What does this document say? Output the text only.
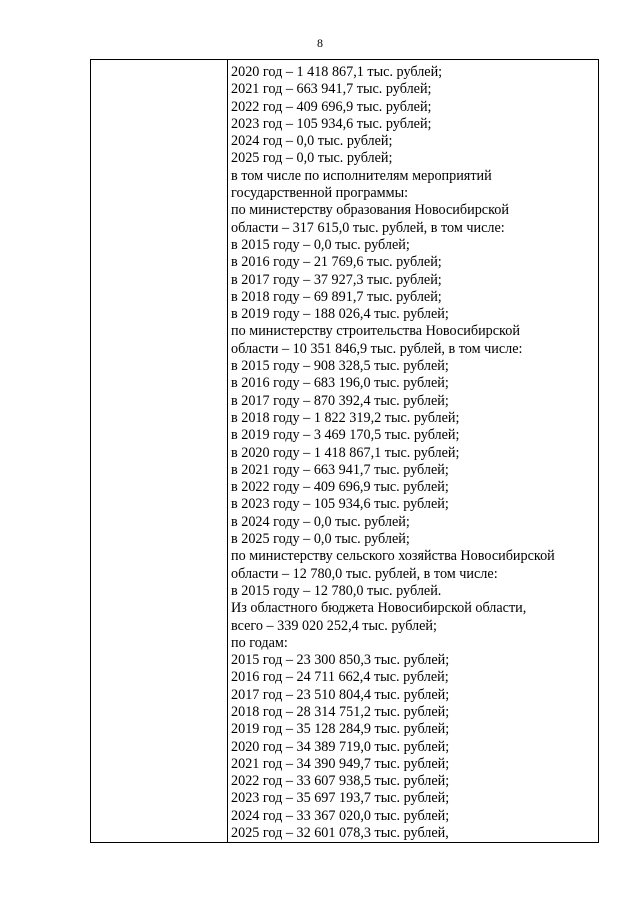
8
2020 год – 1 418 867,1 тыс. рублей;
2021 год – 663 941,7 тыс. рублей;
2022 год – 409 696,9 тыс. рублей;
2023 год – 105 934,6 тыс. рублей;
2024 год – 0,0 тыс. рублей;
2025 год – 0,0 тыс. рублей;
в том числе по исполнителям мероприятий
государственной программы:
по министерству образования Новосибирской
области – 317 615,0 тыс. рублей, в том числе:
в 2015 году – 0,0 тыс. рублей;
в 2016 году – 21 769,6 тыс. рублей;
в 2017 году – 37 927,3 тыс. рублей;
в 2018 году – 69 891,7 тыс. рублей;
в 2019 году – 188 026,4 тыс. рублей;
по министерству строительства Новосибирской
области – 10 351 846,9 тыс. рублей, в том числе:
в 2015 году – 908 328,5 тыс. рублей;
в 2016 году – 683 196,0 тыс. рублей;
в 2017 году – 870 392,4 тыс. рублей;
в 2018 году – 1 822 319,2 тыс. рублей;
в 2019 году – 3 469 170,5 тыс. рублей;
в 2020 году – 1 418 867,1 тыс. рублей;
в 2021 году – 663 941,7 тыс. рублей;
в 2022 году – 409 696,9 тыс. рублей;
в 2023 году – 105 934,6 тыс. рублей;
в 2024 году – 0,0 тыс. рублей;
в 2025 году – 0,0 тыс. рублей;
по министерству сельского хозяйства Новосибирской
области – 12 780,0 тыс. рублей, в том числе:
в 2015 году – 12 780,0 тыс. рублей.
Из областного бюджета Новосибирской области,
всего – 339 020 252,4 тыс. рублей;
по годам:
2015 год – 23 300 850,3 тыс. рублей;
2016 год – 24 711 662,4 тыс. рублей;
2017 год – 23 510 804,4 тыс. рублей;
2018 год – 28 314 751,2 тыс. рублей;
2019 год – 35 128 284,9 тыс. рублей;
2020 год – 34 389 719,0 тыс. рублей;
2021 год – 34 390 949,7 тыс. рублей;
2022 год – 33 607 938,5 тыс. рублей;
2023 год – 35 697 193,7 тыс. рублей;
2024 год – 33 367 020,0 тыс. рублей;
2025 год – 32 601 078,3 тыс. рублей,
